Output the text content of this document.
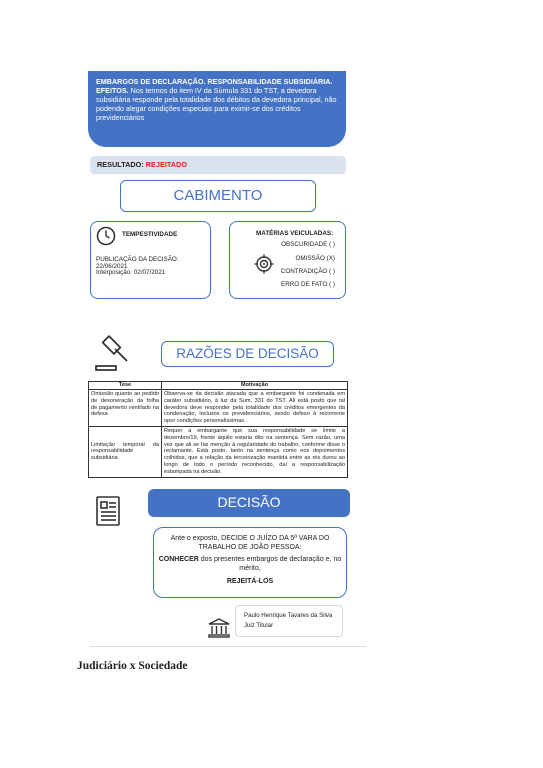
EMBARGOS DE DECLARAÇÃO. RESPONSABILIDADE SUBSIDIÁRIA. EFEITOS. Nos termos do item IV da Súmula 331 do TST, a devedora subsidiária responde pela totalidade dos débitos da devedora principal, não podendo alegar condições especiais para eximir-se dos créditos previdenciários
RESULTADO: REJEITADO
CABIMENTO
TEMPESTIVIDADE
PUBLICAÇÃO DA DECISÃO: 22/06/2021
Interposição: 02/07/2021
MATÉRIAS VEICULADAS:
OBSCURIDADE ( )
OMISSÃO (X)
CONTRADIÇÃO ( )
ERRO DE FATO ( )
RAZÕES DE DECISÃO
Tese	Motivação
Omissão quanto ao pedido de desoneração da folha de pagamento ventilado na defesa	Observa-se da decisão atacada que a embargante foi condenada em caráter subsidiário, à luz da Sum. 331 do TST. Ali está posto que tal devedora deve responder pela totalidade dos créditos emergentes da condenação, inclusos os previdenciários, sendo defeso à recorrente opor condições personalíssimas.
Limitação temporal da responsabilidade subsidiária	Requer a embargante que sua responsabilidade se limite a dezembro/19, frente àquilo estaria dito na sentença. Sem razão, uma vez que ali se faz menção à regularidade do trabalho, conforme disse o reclamante. Está posto, tanto na sentença como nos depoimentos colhidos, que a relação da terceirização mantida entre as rés durou ao longo de todo o período reconhecido, daí a responsabilização estampada na decisão.
DECISÃO
Ante o exposto, DECIDE O JUÍZO DA 5ª VARA DO TRABALHO DE JOÃO PESSOA:
CONHECER dos presentes embargos de declaração e, no mérito,
REJEITÁ-LOS
Paulo Henrique Tavares da Silva
Juiz Titular
Judiciário x Sociedade
